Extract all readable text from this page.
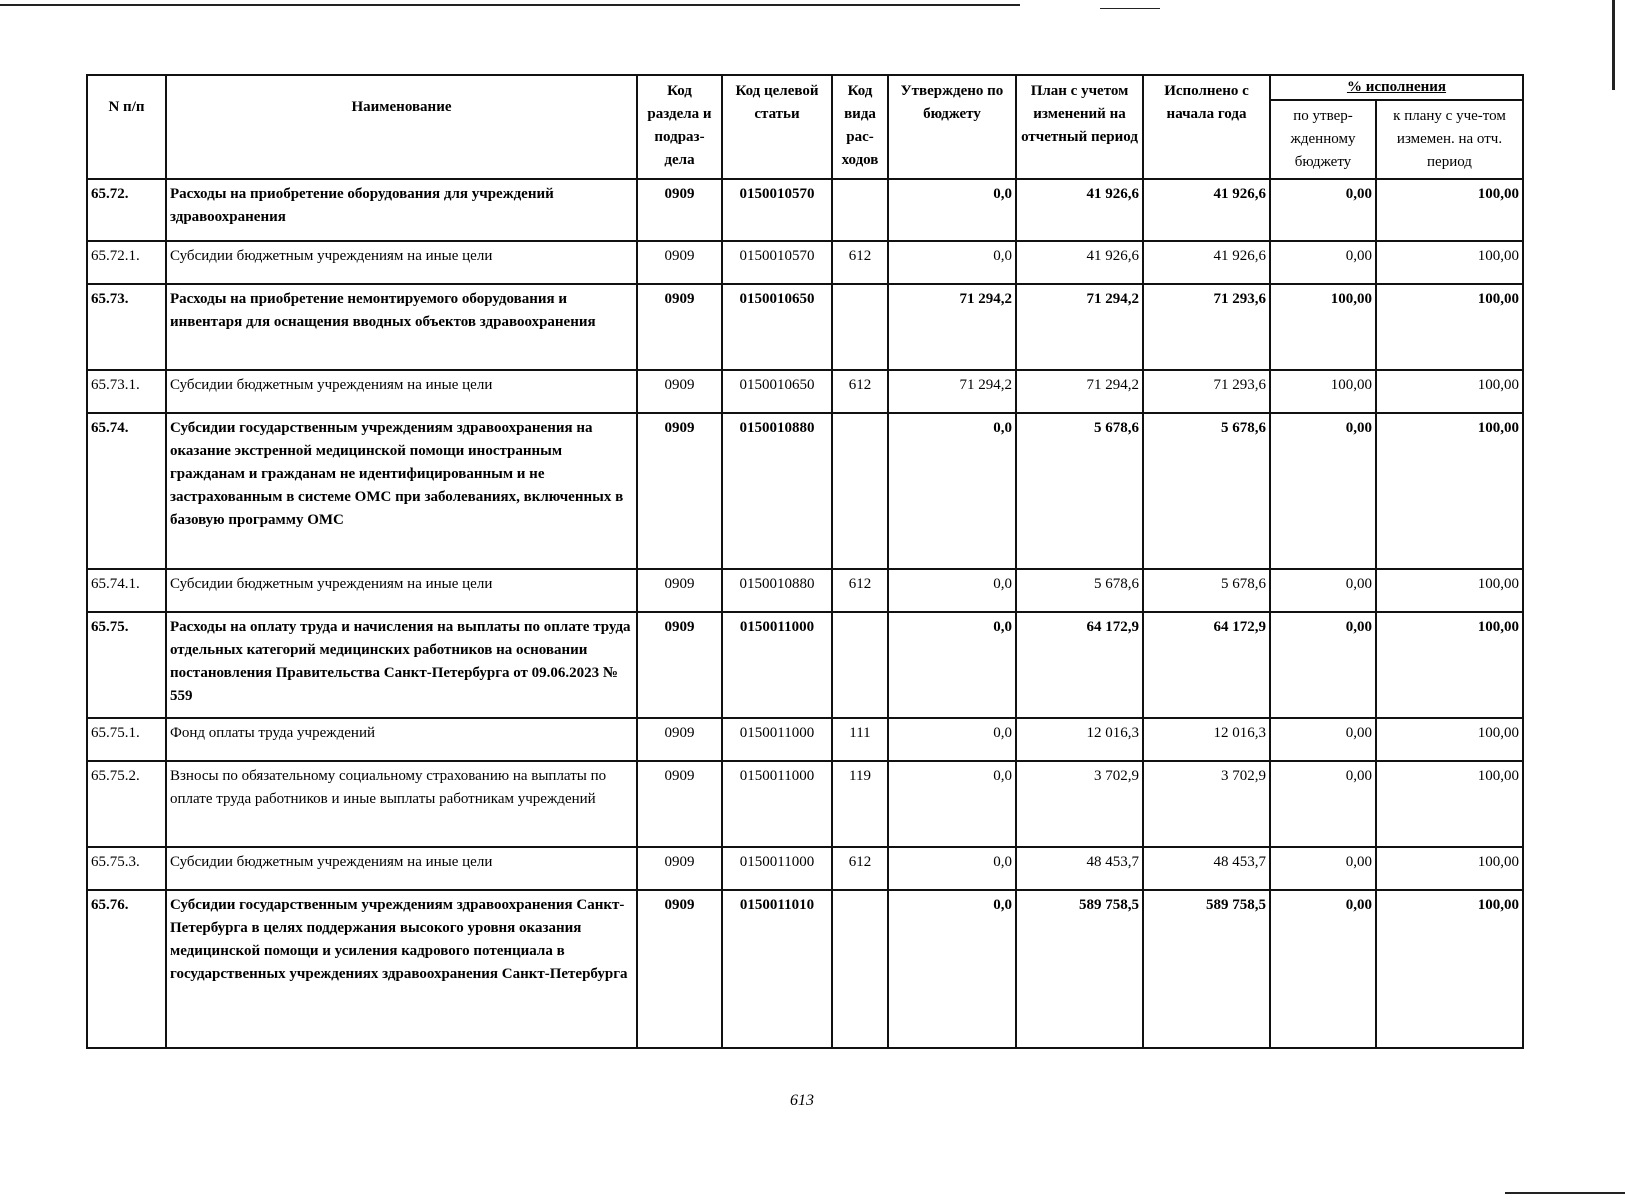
N п/п	Наименование	Код раздела и подраз-дела	Код целевой статьи	Код вида рас-ходов	Утверждено по бюджету	План с учетом изменений на отчетный период	Исполнено с начала года	% исполнения	
								по утвер-жденному бюджету	к плану с уче-том измемен. на отч. период
65.72.	Расходы на приобретение оборудования для учреждений здравоохранения	0909	0150010570		0,0	41 926,6	41 926,6	0,00	100,00
65.72.1.	Субсидии бюджетным учреждениям на иные цели	0909	0150010570	612	0,0	41 926,6	41 926,6	0,00	100,00
65.73.	Расходы на приобретение немонтируемого оборудования и инвентаря для оснащения вводных объектов здравоохранения	0909	0150010650		71 294,2	71 294,2	71 293,6	100,00	100,00
65.73.1.	Субсидии бюджетным учреждениям на иные цели	0909	0150010650	612	71 294,2	71 294,2	71 293,6	100,00	100,00
65.74.	Субсидии государственным учреждениям здравоохранения на оказание экстренной медицинской помощи иностранным гражданам и гражданам не идентифицированным и не застрахованным в системе ОМС при заболеваниях, включенных в базовую программу ОМС	0909	0150010880		0,0	5 678,6	5 678,6	0,00	100,00
65.74.1.	Субсидии бюджетным учреждениям на иные цели	0909	0150010880	612	0,0	5 678,6	5 678,6	0,00	100,00
65.75.	Расходы на оплату труда и начисления на выплаты по оплате труда отдельных категорий медицинских работников на основании постановления Правительства Санкт-Петербурга от 09.06.2023 № 559	0909	0150011000		0,0	64 172,9	64 172,9	0,00	100,00
65.75.1.	Фонд оплаты труда учреждений	0909	0150011000	111	0,0	12 016,3	12 016,3	0,00	100,00
65.75.2.	Взносы по обязательному социальному страхованию на выплаты по оплате труда работников и иные выплаты работникам учреждений	0909	0150011000	119	0,0	3 702,9	3 702,9	0,00	100,00
65.75.3.	Субсидии бюджетным учреждениям на иные цели	0909	0150011000	612	0,0	48 453,7	48 453,7	0,00	100,00
65.76.	Субсидии государственным учреждениям здравоохранения Санкт-Петербурга в целях поддержания высокого уровня оказания медицинской помощи и усиления кадрового потенциала в государственных учреждениях здравоохранения Санкт-Петербурга	0909	0150011010		0,0	589 758,5	589 758,5	0,00	100,00
613
